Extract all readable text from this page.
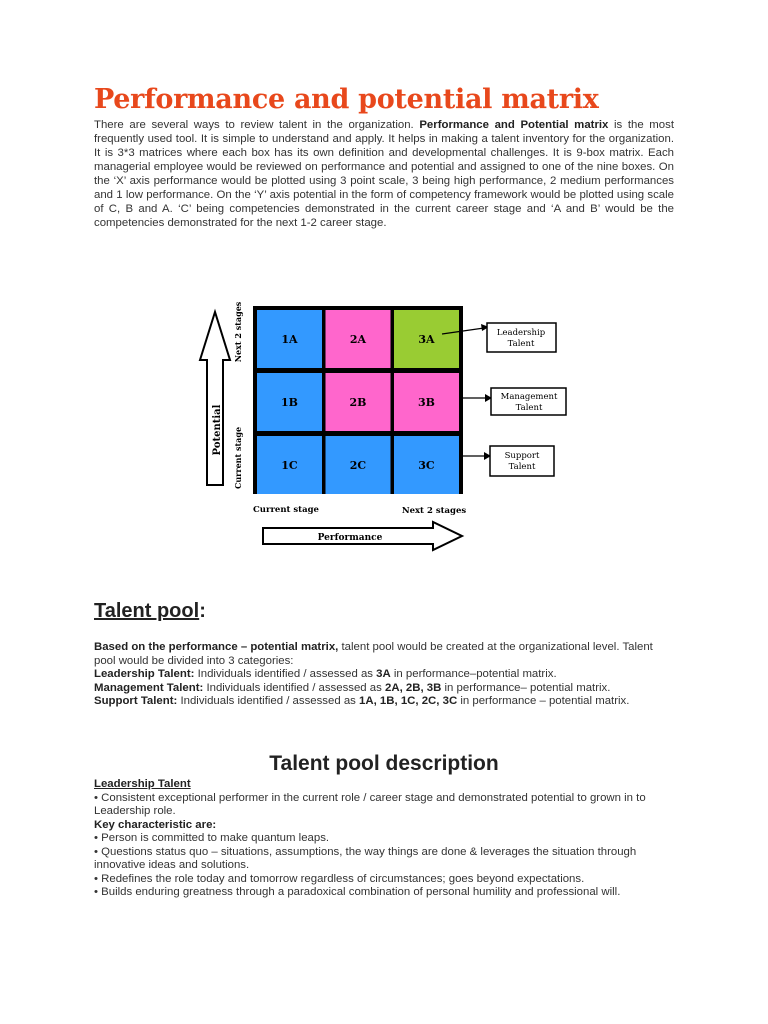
Performance and potential matrix

There are several ways to review talent in the organization. Performance and Potential matrix is the most frequently used tool. It is simple to understand and apply. It helps in making a talent inventory for the organization. It is 3*3 matrices where each box has its own definition and developmental challenges. It is 9-box matrix. Each managerial employee would be reviewed on performance and potential and assigned to one of the nine boxes. On the ‘X’ axis performance would be plotted using 3 point scale, 3 being high performance, 2 medium performances and 1 low performance. On the ‘Y’ axis potential in the form of competency framework would be plotted using scale of C, B and A. ‘C’ being competencies demonstrated in the current career stage and ‘A and B’ would be the competencies demonstrated for the next 1-2 career stage.

Potential
Next 2 stages
Current stage
1A	2A	3A
1B	2B	3B
1C	2C	3C
Leadership
Talent
Management
Talent
Support
Talent
Current stage	Next 2 stages
Performance
Talent pool:

Based on the performance – potential matrix, talent pool would be created at the organizational level. Talent pool would be divided into 3 categories:

Leadership Talent: Individuals identified / assessed as 3A in performance–potential matrix.

Management Talent: Individuals identified / assessed as 2A, 2B, 3B in performance– potential matrix.

Support Talent: Individuals identified / assessed as 1A, 1B, 1C, 2C, 3C in performance – potential matrix.

Talent pool description

Leadership Talent

• Consistent exceptional performer in the current role / career stage and demonstrated potential to grown in to Leadership role.

Key characteristic are:

• Person is committed to make quantum leaps.

• Questions status quo – situations, assumptions, the way things are done & leverages the situation through innovative ideas and solutions.

• Redefines the role today and tomorrow regardless of circumstances; goes beyond expectations.

• Builds enduring greatness through a paradoxical combination of personal humility and professional will.
